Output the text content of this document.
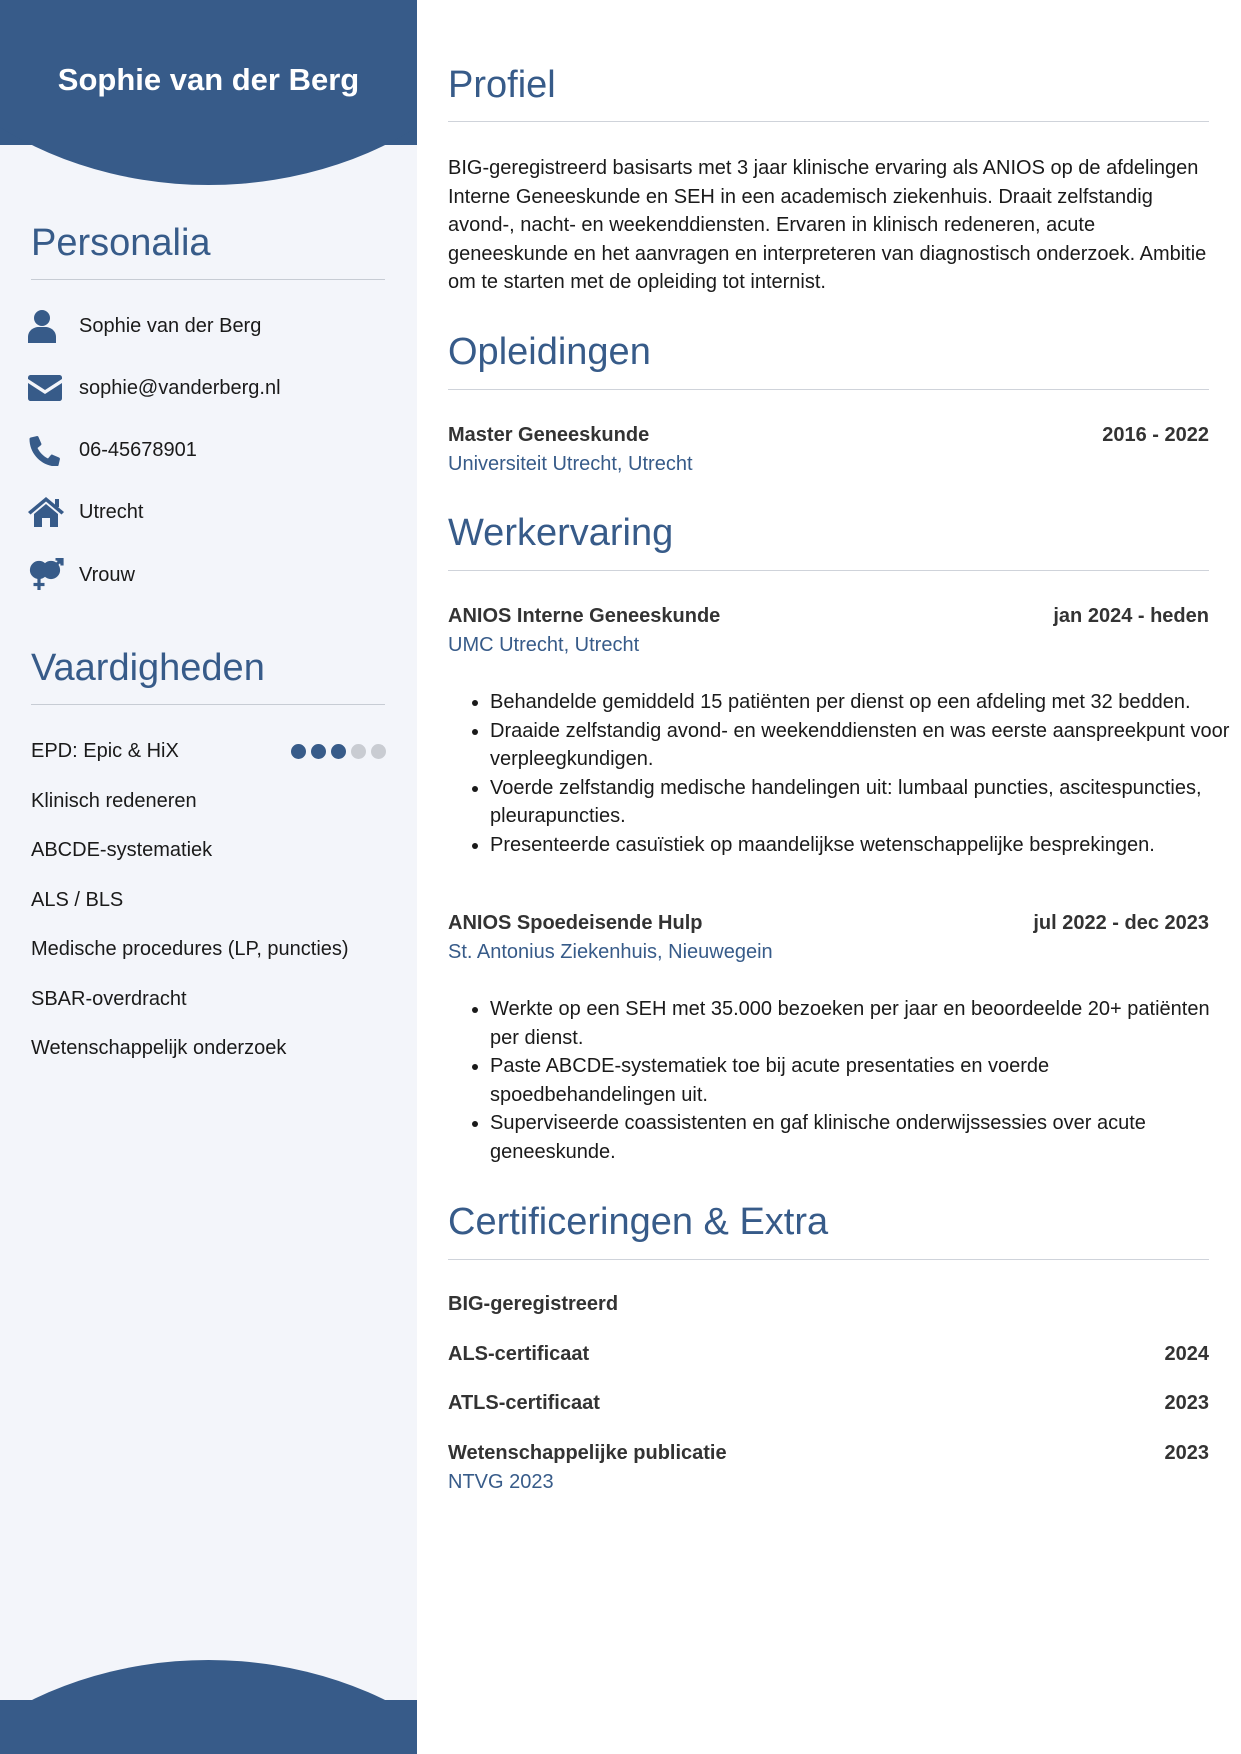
Sophie van der Berg
Personalia
Sophie van der Berg
sophie@vanderberg.nl
06-45678901
Utrecht
Vrouw
Vaardigheden
EPD: Epic & HiX
Klinisch redeneren
ABCDE-systematiek
ALS / BLS
Medische procedures (LP, puncties)
SBAR-overdracht
Wetenschappelijk onderzoek
Profiel
BIG-geregistreerd basisarts met 3 jaar klinische ervaring als ANIOS op de afdelingen Interne Geneeskunde en SEH in een academisch ziekenhuis. Draait zelfstandig avond-, nacht- en weekenddiensten. Ervaren in klinisch redeneren, acute geneeskunde en het aanvragen en interpreteren van diagnostisch onderzoek. Ambitie om te starten met de opleiding tot internist.
Opleidingen
Master Geneeskunde	2016 - 2022
Universiteit Utrecht, Utrecht
Werkervaring
ANIOS Interne Geneeskunde	jan 2024 - heden
UMC Utrecht, Utrecht
• Behandelde gemiddeld 15 patiënten per dienst op een afdeling met 32 bedden.
• Draaide zelfstandig avond- en weekenddiensten en was eerste aanspreekpunt voor verpleegkundigen.
• Voerde zelfstandig medische handelingen uit: lumbaal puncties, ascitespuncties, pleurapuncties.
• Presenteerde casuïstiek op maandelijkse wetenschappelijke besprekingen.
ANIOS Spoedeisende Hulp	jul 2022 - dec 2023
St. Antonius Ziekenhuis, Nieuwegein
• Werkte op een SEH met 35.000 bezoeken per jaar en beoordeelde 20+ patiënten per dienst.
• Paste ABCDE-systematiek toe bij acute presentaties en voerde spoedbehandelingen uit.
• Superviseerde coassistenten en gaf klinische onderwijssessies over acute geneeskunde.
Certificeringen & Extra
BIG-geregistreerd
ALS-certificaat	2024
ATLS-certificaat	2023
Wetenschappelijke publicatie	2023
NTVG 2023
